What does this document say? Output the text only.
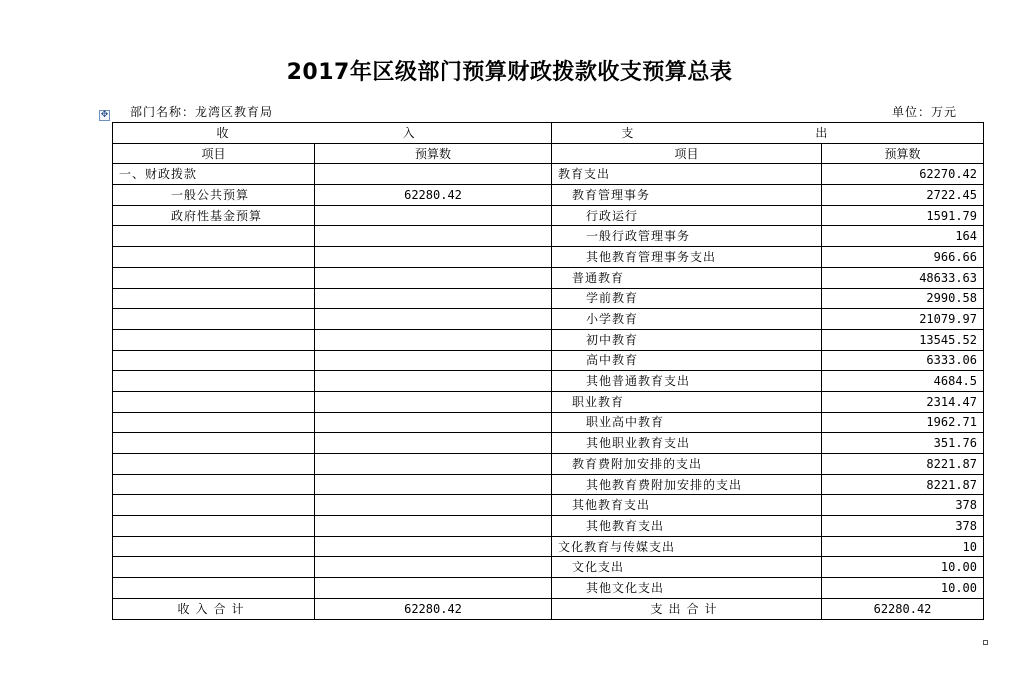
2017年区级部门预算财政拨款收支预算总表
✥ 部门名称：龙湾区教育局	单位：万元
收 入		支 出	
项目	预算数	项目	预算数
一、财政拨款		教育支出	62270.42
一般公共预算	62280.42	教育管理事务	2722.45
政府性基金预算		行政运行	1591.79
		一般行政管理事务	164
		其他教育管理事务支出	966.66
		普通教育	48633.63
		学前教育	2990.58
		小学教育	21079.97
		初中教育	13545.52
		高中教育	6333.06
		其他普通教育支出	4684.5
		职业教育	2314.47
		职业高中教育	1962.71
		其他职业教育支出	351.76
		教育费附加安排的支出	8221.87
		其他教育费附加安排的支出	8221.87
		其他教育支出	378
		其他教育支出	378
		文化教育与传媒支出	10
		文化支出	10.00
		其他文化支出	10.00
收入合计	62280.42	支出合计	62280.42
